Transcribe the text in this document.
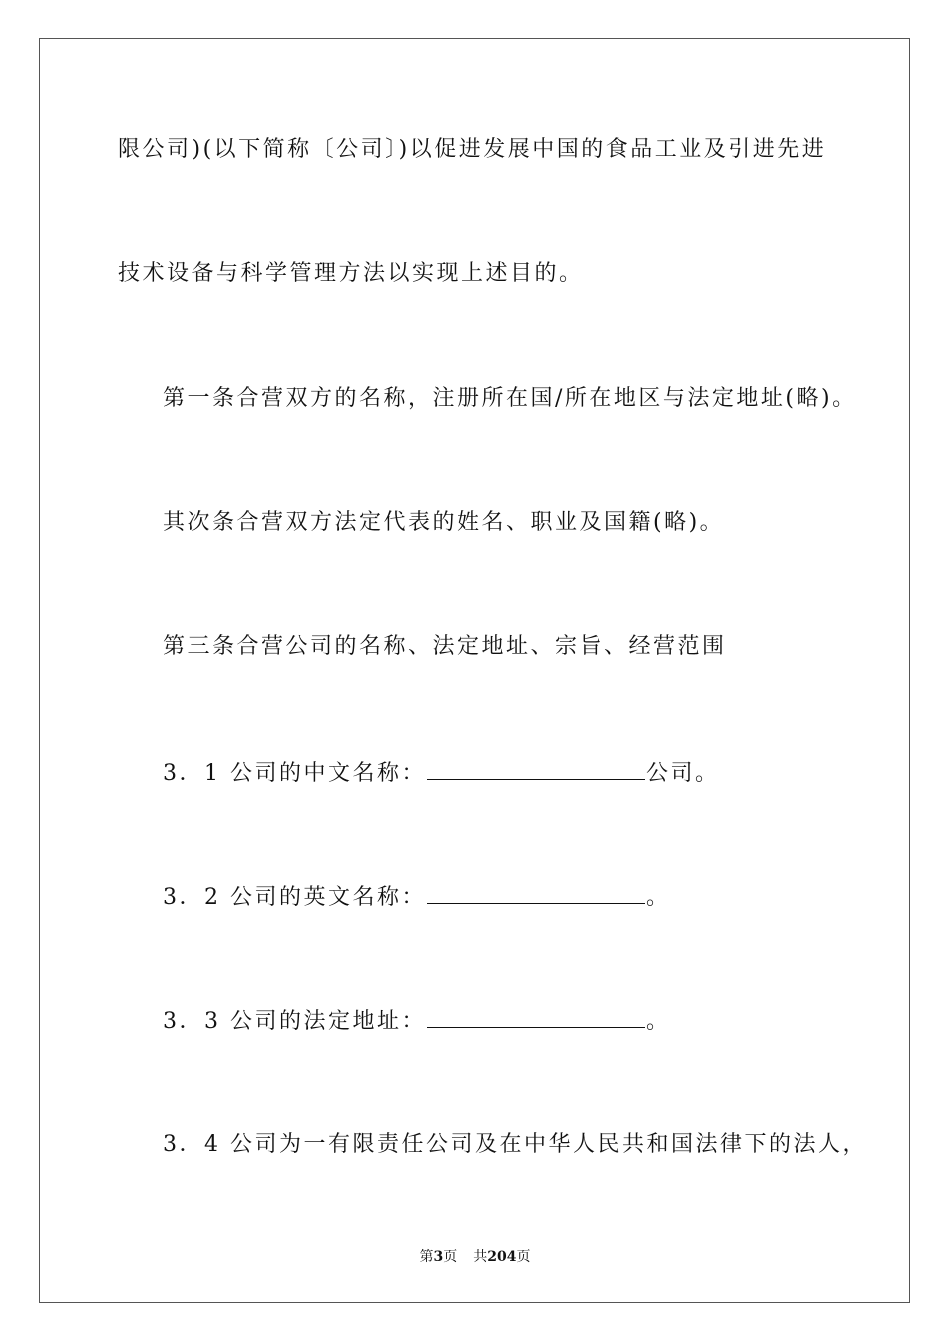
限公司)(以下简称〔公司〕)以促进发展中国的食品工业及引进先进
技术设备与科学管理方法以实现上述目的。
第一条合营双方的名称，注册所在国/所在地区与法定地址(略)。
其次条合营双方法定代表的姓名、职业及国籍(略)。
第三条合营公司的名称、法定地址、宗旨、经营范围
3．1 公司的中文名称：	公司。
3．2 公司的英文名称：	。
3．3 公司的法定地址：	。
3．4 公司为一有限责任公司及在中华人民共和国法律下的法人，
第3页 共204页
